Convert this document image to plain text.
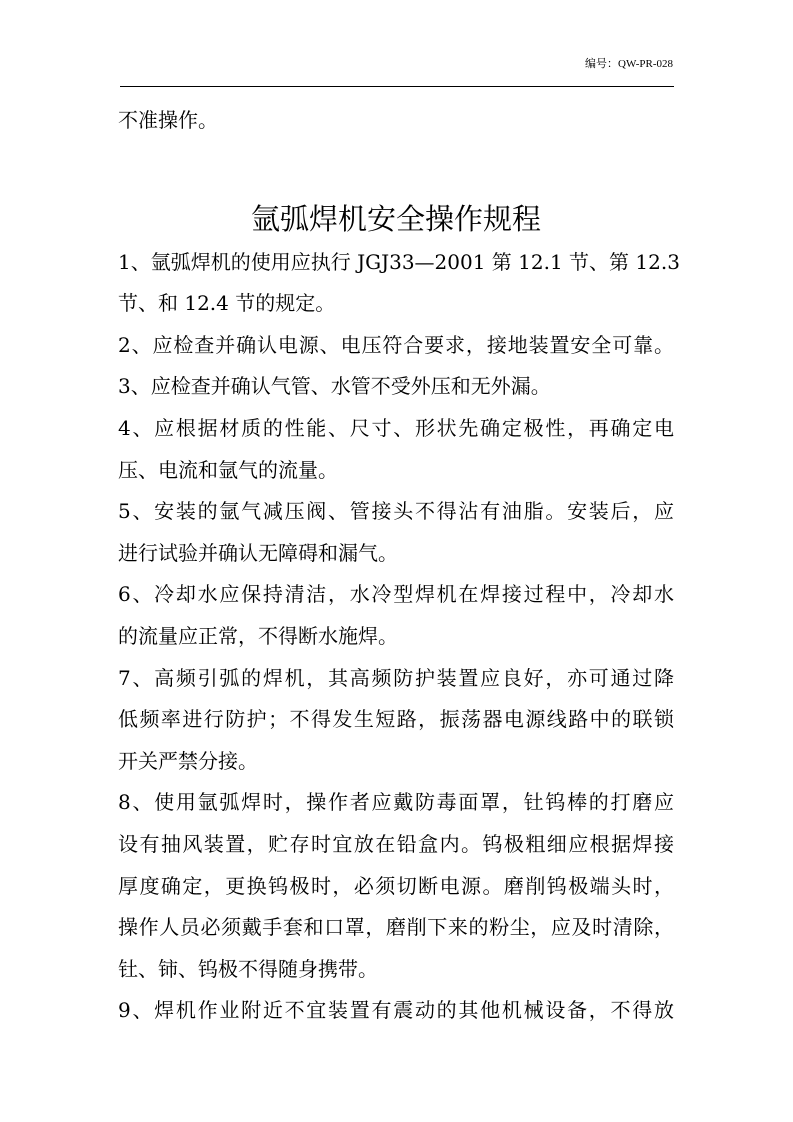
编号：QW-PR-028
不准操作。
氩弧焊机安全操作规程
1、氩弧焊机的使用应执行 JGJ33—2001 第 12.1 节、第 12.3
节、和 12.4 节的规定。
2、应检查并确认电源、电压符合要求，接地装置安全可靠。
3、应检查并确认气管、水管不受外压和无外漏。
4、应根据材质的性能、尺寸、形状先确定极性，再确定电
压、电流和氩气的流量。
5、安装的氩气减压阀、管接头不得沾有油脂。安装后，应
进行试验并确认无障碍和漏气。
6、冷却水应保持清洁，水冷型焊机在焊接过程中，冷却水
的流量应正常，不得断水施焊。
7、高频引弧的焊机，其高频防护装置应良好，亦可通过降
低频率进行防护；不得发生短路，振荡器电源线路中的联锁
开关严禁分接。
8、使用氩弧焊时，操作者应戴防毒面罩，钍钨棒的打磨应
设有抽风装置，贮存时宜放在铅盒内。钨极粗细应根据焊接
厚度确定，更换钨极时，必须切断电源。磨削钨极端头时，
操作人员必须戴手套和口罩，磨削下来的粉尘，应及时清除，
钍、铈、钨极不得随身携带。
9、焊机作业附近不宜装置有震动的其他机械设备，不得放
